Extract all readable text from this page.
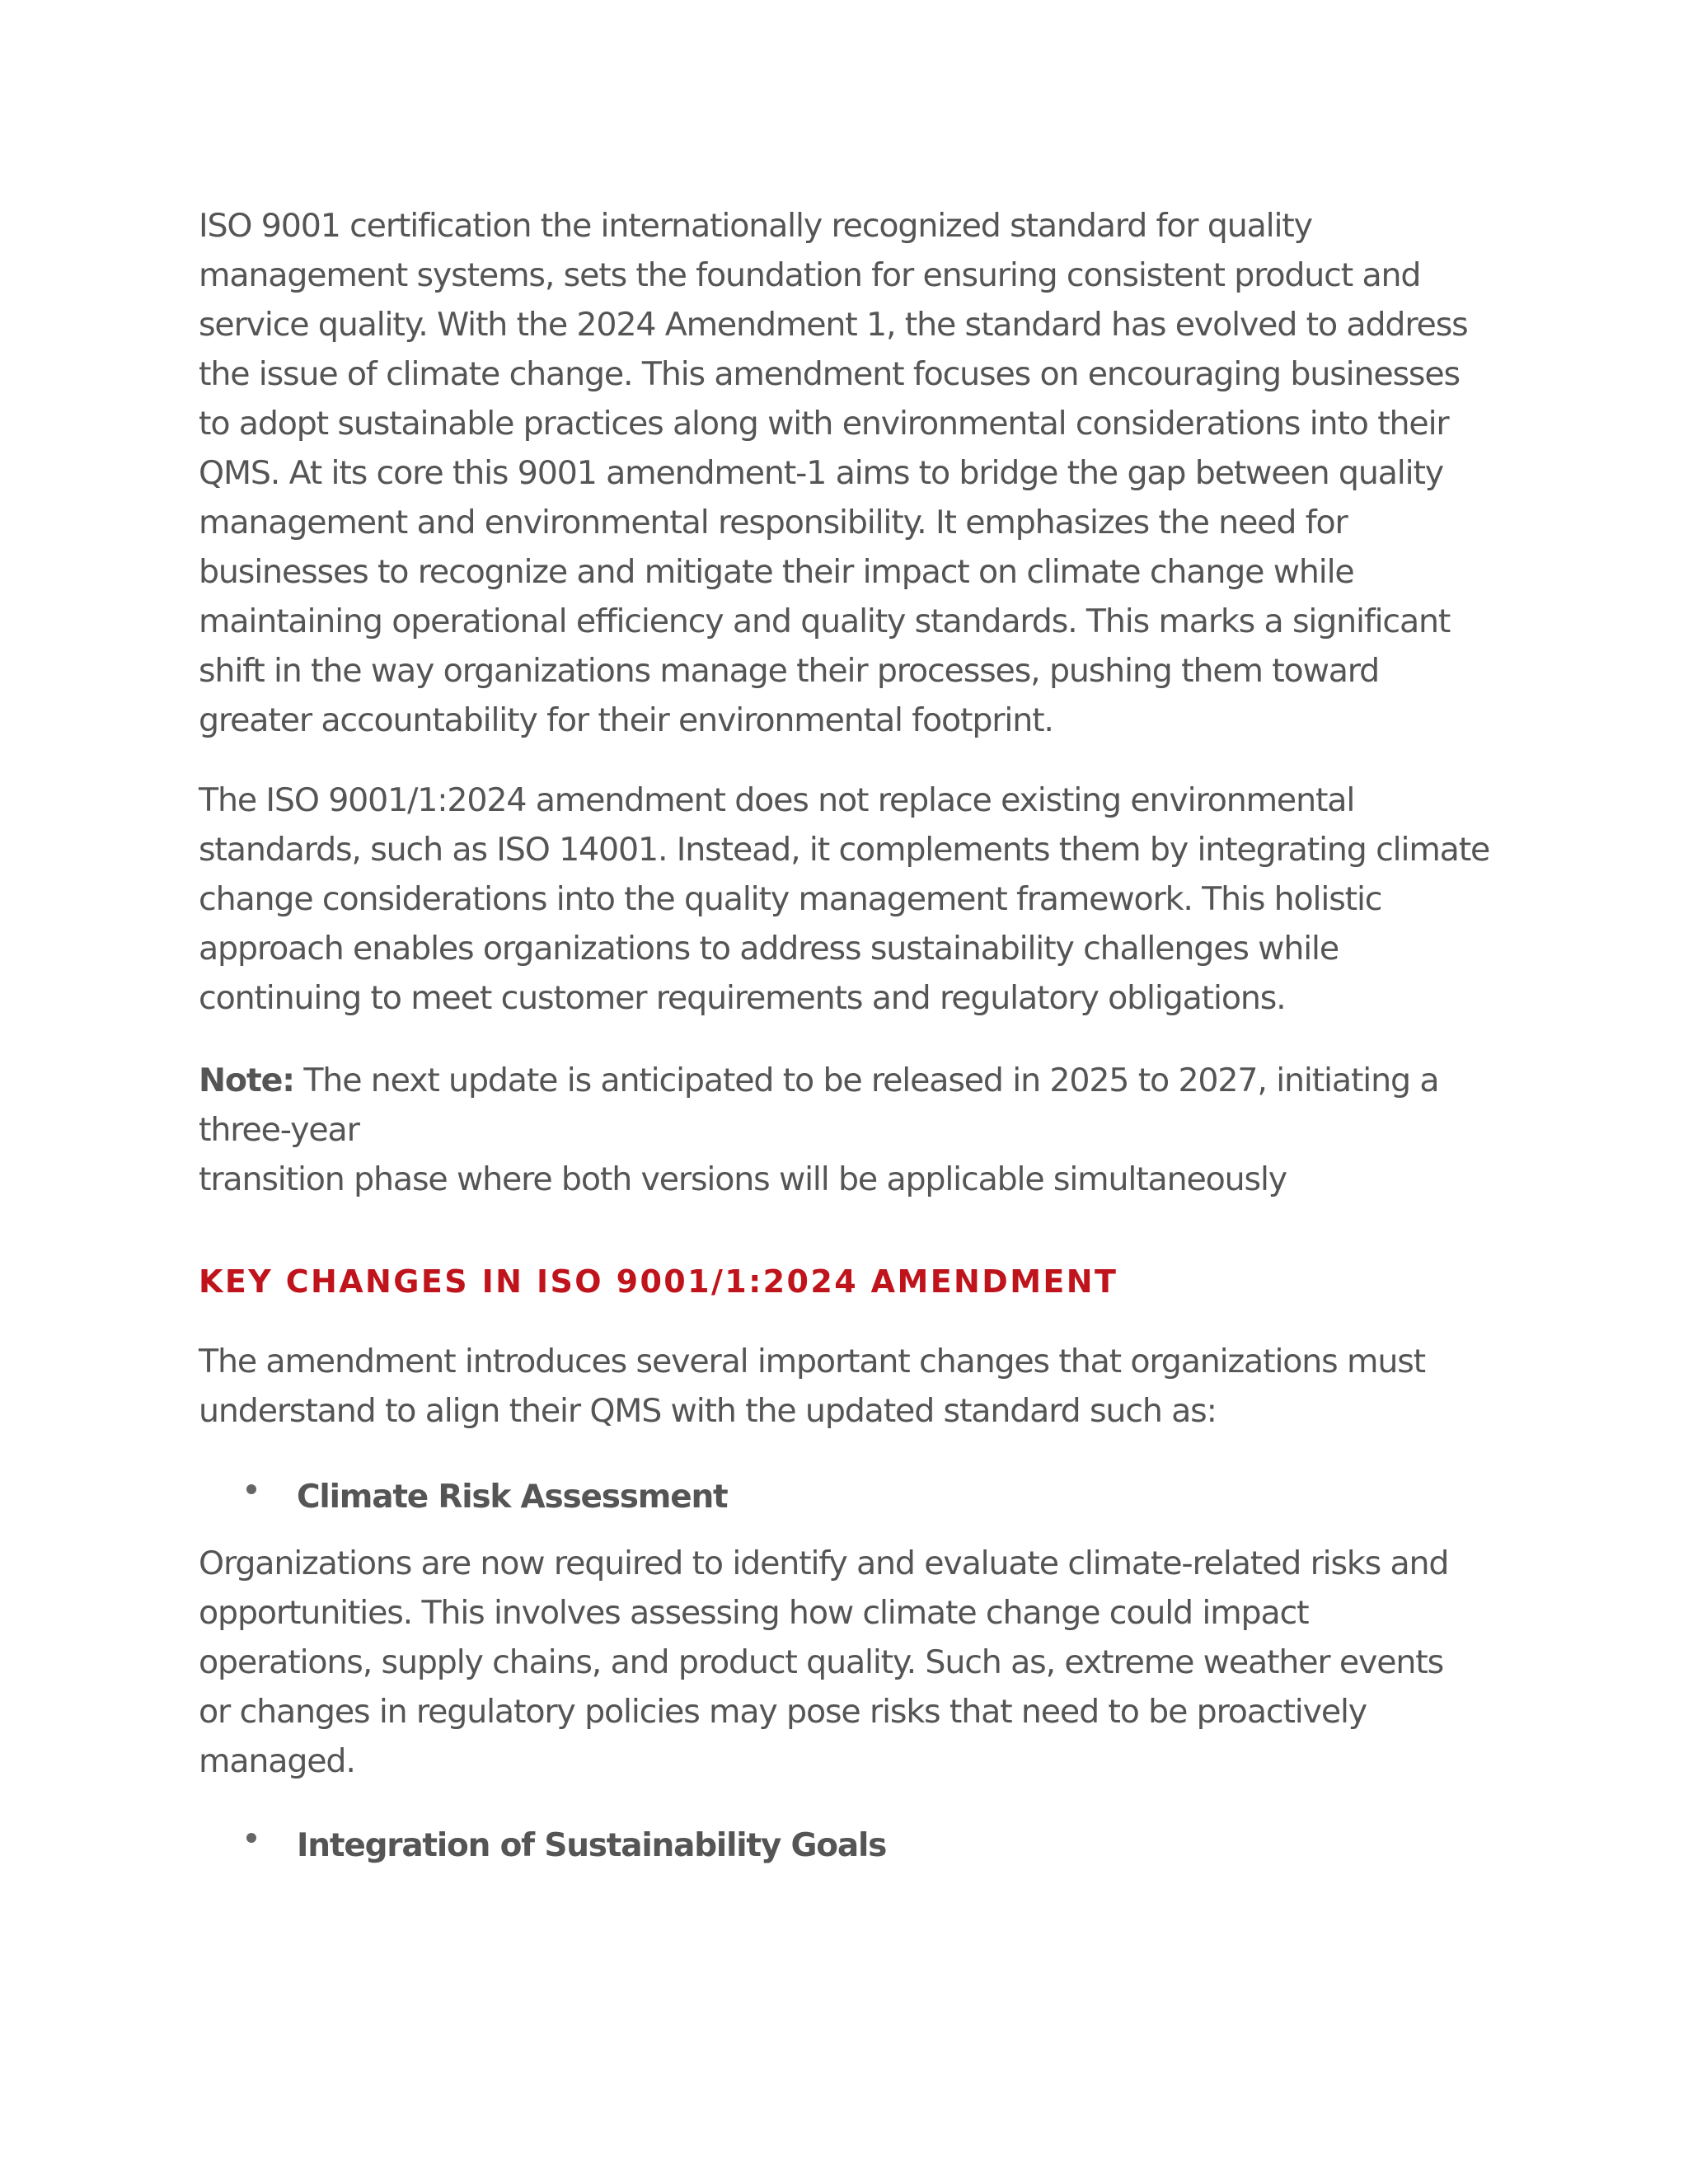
ISO 9001 certification the internationally recognized standard for quality
management systems, sets the foundation for ensuring consistent product and
service quality. With the 2024 Amendment 1, the standard has evolved to address
the issue of climate change. This amendment focuses on encouraging businesses
to adopt sustainable practices along with environmental considerations into their
QMS. At its core this 9001 amendment-1 aims to bridge the gap between quality
management and environmental responsibility. It emphasizes the need for
businesses to recognize and mitigate their impact on climate change while
maintaining operational efficiency and quality standards. This marks a significant
shift in the way organizations manage their processes, pushing them toward
greater accountability for their environmental footprint.

The ISO 9001/1:2024 amendment does not replace existing environmental
standards, such as ISO 14001. Instead, it complements them by integrating climate
change considerations into the quality management framework. This holistic
approach enables organizations to address sustainability challenges while
continuing to meet customer requirements and regulatory obligations.

Note: The next update is anticipated to be released in 2025 to 2027, initiating a three-year
transition phase where both versions will be applicable simultaneously

KEY CHANGES IN ISO 9001/1:2024 AMENDMENT

The amendment introduces several important changes that organizations must
understand to align their QMS with the updated standard such as:

Climate Risk Assessment

Organizations are now required to identify and evaluate climate-related risks and
opportunities. This involves assessing how climate change could impact
operations, supply chains, and product quality. Such as, extreme weather events
or changes in regulatory policies may pose risks that need to be proactively
managed.

Integration of Sustainability Goals
